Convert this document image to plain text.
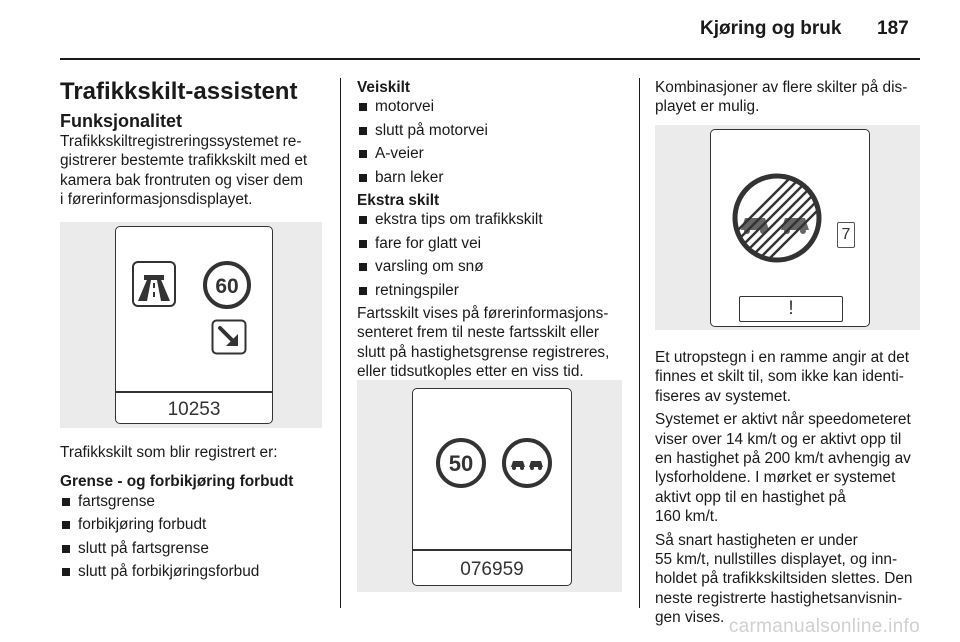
Kjøring og bruk 187
Trafikkskilt-assistent
Funksjonalitet

Trafikkskiltregistreringssystemet re-

gistrerer bestemte trafikkskilt med et

kamera bak frontruten og viser dem

i førerinformasjonsdisplayet.

60
10253

Trafikkskilt som blir registrert er:

Grense - og forbikjøring forbudt

fartsgrense

forbikjøring forbudt

slutt på fartsgrense

slutt på forbikjøringsforbud

Veiskilt

motorvei

slutt på motorvei

A-veier

barn leker

Ekstra skilt

ekstra tips om trafikkskilt

fare for glatt vei

varsling om snø

retningspiler

Fartsskilt vises på førerinformasjons-

senteret frem til neste fartsskilt eller

slutt på hastighetsgrense registreres,

eller tidsutkoples etter en viss tid.

50
076959

Kombinasjoner av flere skilter på dis-

playet er mulig.

7
!

Et utropstegn i en ramme angir at det

finnes et skilt til, som ikke kan identi-

fiseres av systemet.

Systemet er aktivt når speedometeret

viser over 14 km/t og er aktivt opp til

en hastighet på 200 km/t avhengig av

lysforholdene. I mørket er systemet

aktivt opp til en hastighet på

160 km/t.

Så snart hastigheten er under

55 km/t, nullstilles displayet, og inn-

holdet på trafikkskiltsiden slettes. Den

neste registrerte hastighetsanvisnin-

gen vises. carmanualsonline.info
